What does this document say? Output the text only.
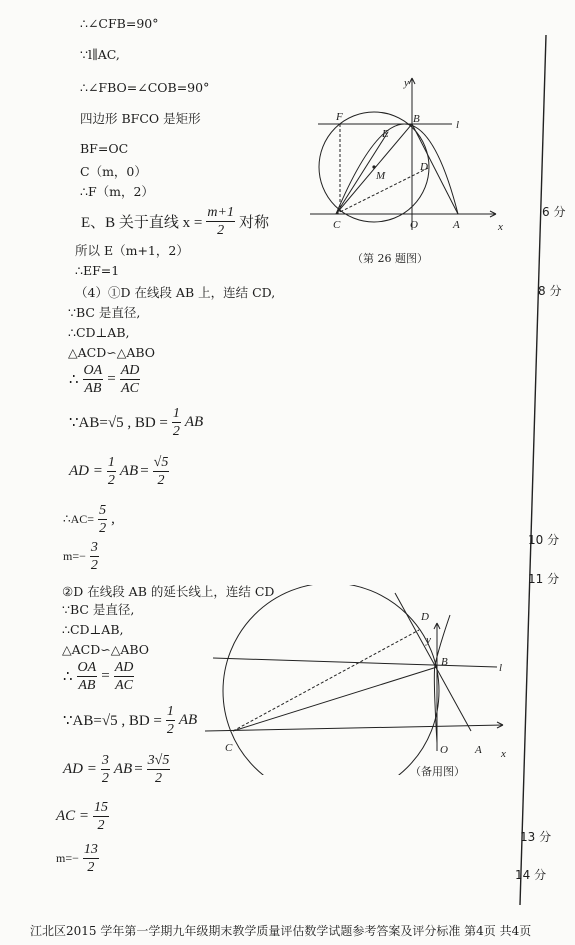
∴∠CFB=90°
∵l∥AC,
∴∠FBO=∠COB=90°
四边形 BFCO 是矩形
BF=OC
C（m，0）
∴F（m，2）
E、B 关于直线 $x = \frac{m+1}{2}$ 对称
所以 E（m+1，2）
∴EF=1
（4）①D 在线段 AB 上，连结 CD,
∵BC 是直径,
∴CD⊥AB,
△ACD∽△ABO
∴ $\frac{OA}{AB} = \frac{AD}{AC}$
∵AB=√5 , BD = $\frac{1}{2}$ AB
AD = $\frac{1}{2}$ AB = $\frac{√5}{2}$
∴AC= $\frac{5}{2}$ ,
$m=- \frac{3}{2}$
②D 在线段 AB 的延长线上，连结 CD
∵BC 是直径,
∴CD⊥AB,
△ACD∽△ABO
∴ $\frac{OA}{AB} = \frac{AD}{AC}$
∵AB=√5 , BD = $\frac{1}{2}$ AB
AD = $\frac{3}{2}$ AB = $\frac{3√5}{2}$
AC = $\frac{15}{2}$
$m=- \frac{13}{2}$
6 分
8 分
10 分
11 分
13 分
14 分
y
x
F
E
B	l
M
D
C	O	A
（第 26 题图）
D
y
B	l
C	O A x
（备用图）
江北区2015 学年第一学期九年级期末教学质量评估数学试题参考答案及评分标准 第4页 共4页
